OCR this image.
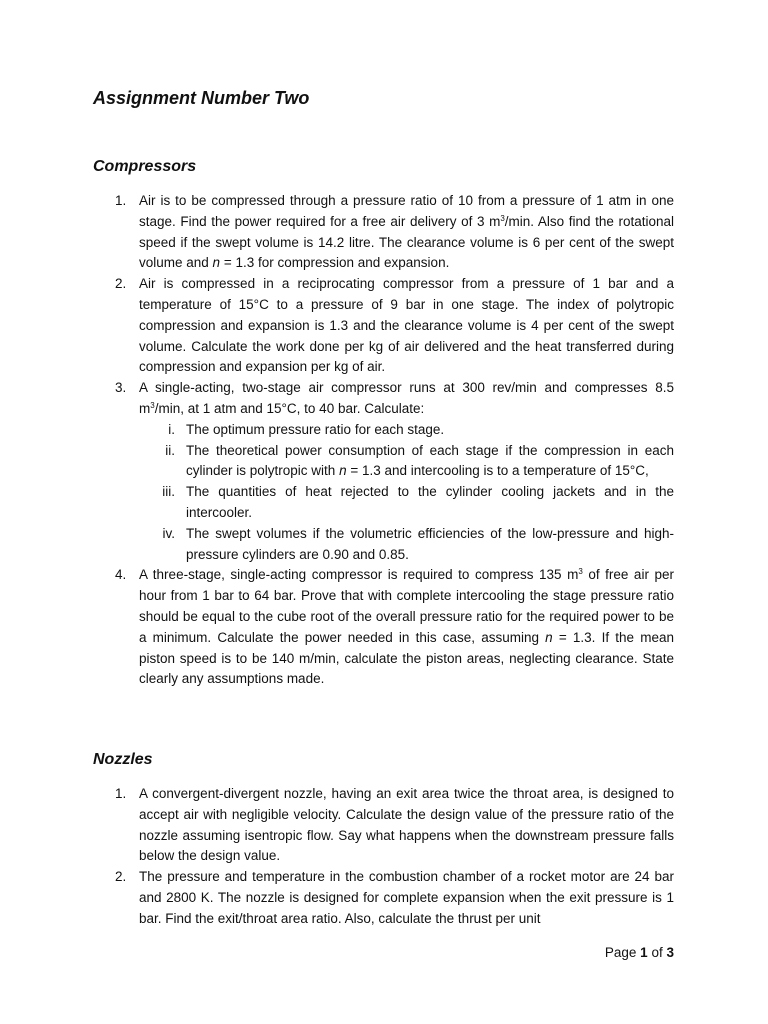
Assignment Number Two
Compressors
1. Air is to be compressed through a pressure ratio of 10 from a pressure of 1 atm in one stage. Find the power required for a free air delivery of 3 $m^3/\min$. Also find the rotational speed if the swept volume is 14.2 litre. The clearance volume is 6 per cent of the swept volume and n = 1.3 for compression and expansion.
2. Air is compressed in a reciprocating compressor from a pressure of 1 bar and a temperature of 15°C to a pressure of 9 bar in one stage. The index of polytropic compression and expansion is 1.3 and the clearance volume is 4 per cent of the swept volume. Calculate the work done per kg of air delivered and the heat transferred during compression and expansion per kg of air.
3. A single-acting, two-stage air compressor runs at 300 rev/min and compresses 8.5 $m^3/\min$, at 1 atm and 15°C, to 40 bar. Calculate:
i. The optimum pressure ratio for each stage.
ii. The theoretical power consumption of each stage if the compression in each cylinder is polytropic with n = 1.3 and intercooling is to a temperature of 15°C,
iii. The quantities of heat rejected to the cylinder cooling jackets and in the intercooler.
iv. The swept volumes if the volumetric efficiencies of the low-pressure and high-pressure cylinders are 0.90 and 0.85.
4. A three-stage, single-acting compressor is required to compress 135 $m^3$ of free air per hour from 1 bar to 64 bar. Prove that with complete intercooling the stage pressure ratio should be equal to the cube root of the overall pressure ratio for the required power to be a minimum. Calculate the power needed in this case, assuming n = 1.3. If the mean piston speed is to be 140 m/min, calculate the piston areas, neglecting clearance. State clearly any assumptions made.
Nozzles
1. A convergent-divergent nozzle, having an exit area twice the throat area, is designed to accept air with negligible velocity. Calculate the design value of the pressure ratio of the nozzle assuming isentropic flow. Say what happens when the downstream pressure falls below the design value.
2. The pressure and temperature in the combustion chamber of a rocket motor are 24 bar and 2800 K. The nozzle is designed for complete expansion when the exit pressure is 1 bar. Find the exit/throat area ratio. Also, calculate the thrust per unit
Page 1 of 3
